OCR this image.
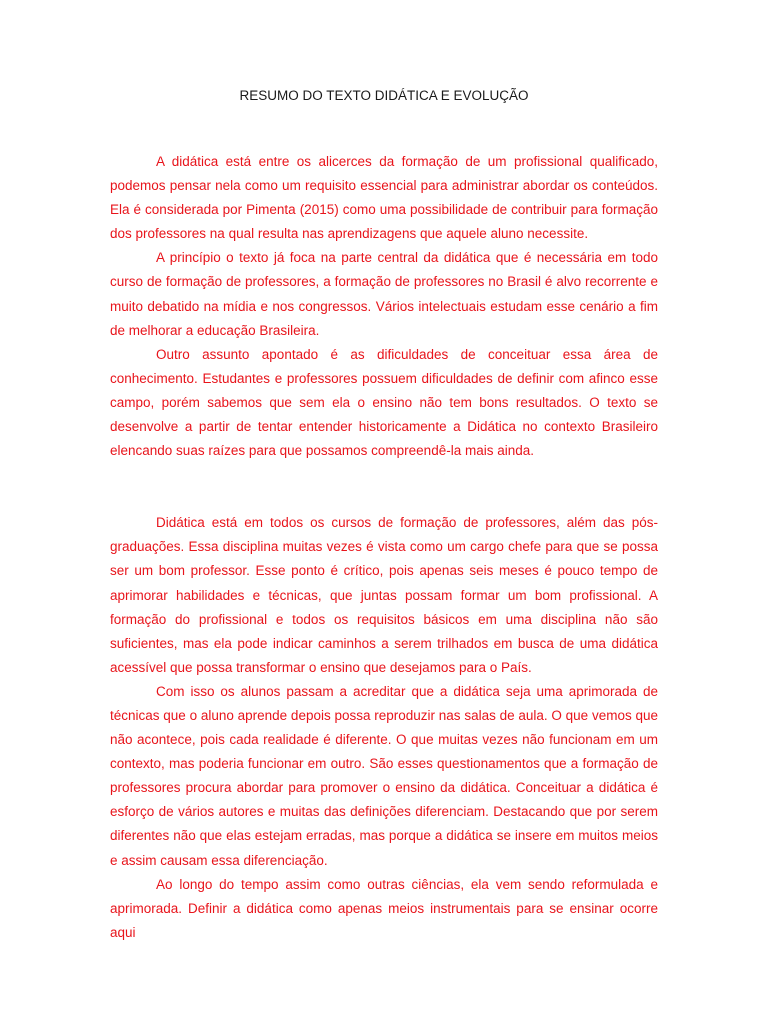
RESUMO DO TEXTO DIDÁTICA E EVOLUÇÃO

A didática está entre os alicerces da formação de um profissional qualificado, podemos pensar nela como um requisito essencial para administrar abordar os conteúdos. Ela é considerada por Pimenta (2015) como uma possibilidade de contribuir para formação dos professores na qual resulta nas aprendizagens que aquele aluno necessite.

A princípio o texto já foca na parte central da didática que é necessária em todo curso de formação de professores, a formação de professores no Brasil é alvo recorrente e muito debatido na mídia e nos congressos. Vários intelectuais estudam esse cenário a fim de melhorar a educação Brasileira.

Outro assunto apontado é as dificuldades de conceituar essa área de conhecimento. Estudantes e professores possuem dificuldades de definir com afinco esse campo, porém sabemos que sem ela o ensino não tem bons resultados. O texto se desenvolve a partir de tentar entender historicamente a Didática no contexto Brasileiro elencando suas raízes para que possamos compreendê-la mais ainda.

Didática está em todos os cursos de formação de professores, além das pós-graduações. Essa disciplina muitas vezes é vista como um cargo chefe para que se possa ser um bom professor. Esse ponto é crítico, pois apenas seis meses é pouco tempo de aprimorar habilidades e técnicas, que juntas possam formar um bom profissional. A formação do profissional e todos os requisitos básicos em uma disciplina não são suficientes, mas ela pode indicar caminhos a serem trilhados em busca de uma didática acessível que possa transformar o ensino que desejamos para o País.

Com isso os alunos passam a acreditar que a didática seja uma aprimorada de técnicas que o aluno aprende depois possa reproduzir nas salas de aula. O que vemos que não acontece, pois cada realidade é diferente. O que muitas vezes não funcionam em um contexto, mas poderia funcionar em outro. São esses questionamentos que a formação de professores procura abordar para promover o ensino da didática. Conceituar a didática é esforço de vários autores e muitas das definições diferenciam. Destacando que por serem diferentes não que elas estejam erradas, mas porque a didática se insere em muitos meios e assim causam essa diferenciação.

Ao longo do tempo assim como outras ciências, ela vem sendo reformulada e aprimorada. Definir a didática como apenas meios instrumentais para se ensinar ocorre aqui
